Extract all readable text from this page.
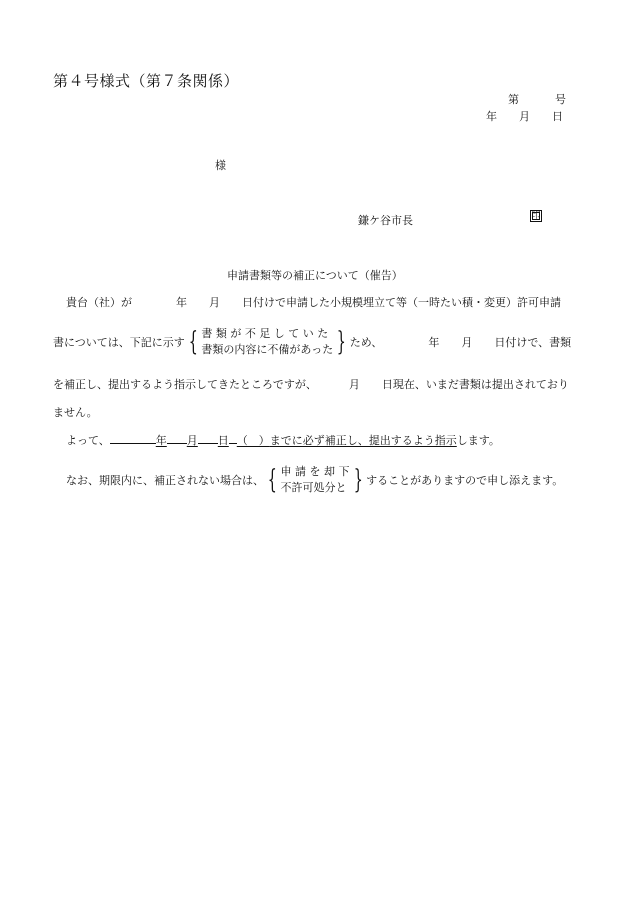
第４号様式（第７条関係）
第	号
年 月 日
様
鎌ケ谷市長	印
申請書類等の補正について（催告）
貴台（社）が	年 月 日付けで申請した小規模埋立て等（一時たい積・変更）許可申請
書については、下記に示す { 書 類 が 不 足 し て い た
書類の内容に不備があった } ため、	年 月 日付けで、書類
を補正し、提出するよう指示してきたところですが、	月 日現在、いまだ書類は提出されており
ません。
よって、	年 月 日 （　）までに必ず補正し、提出するよう指示します。
なお、期限内に、補正されない場合は、 { 申 請 を 却 下
不許可処分と } することがありますので申し添えます。
